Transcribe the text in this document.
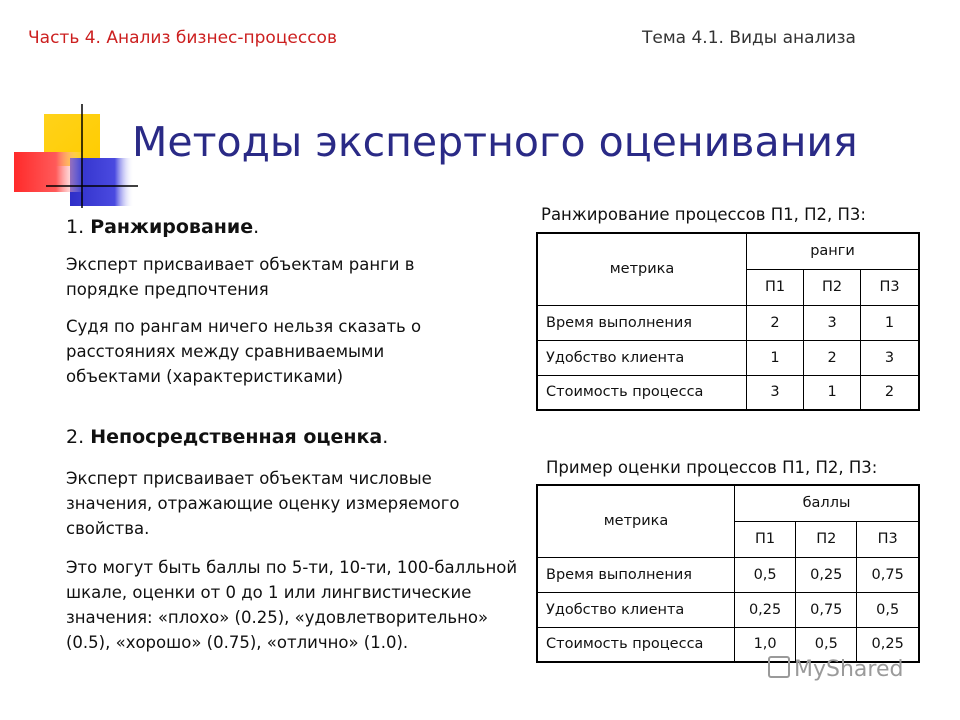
Часть 4. Анализ бизнес-процессов	Тема 4.1. Виды анализа
Методы экспертного оценивания
1. Ранжирование.
Эксперт присваивает объектам ранги в порядке предпочтения
Судя по рангам ничего нельзя сказать о расстояниях между сравниваемыми объектами (характеристиками)
2. Непосредственная оценка.
Эксперт присваивает объектам числовые значения, отражающие оценку измеряемого свойства.
Это могут быть баллы по 5-ти, 10-ти, 100-балльной шкале, оценки от 0 до 1 или лингвистические значения: «плохо» (0.25), «удовлетворительно» (0.5), «хорошо» (0.75), «отлично» (1.0).
Ранжирование процессов П1, П2, П3:
метрика	ранги		
	П1	П2	П3
Время выполнения	2	3	1
Удобство клиента	1	2	3
Стоимость процесса	3	1	2
Пример оценки процессов П1, П2, П3:
метрика	баллы		
	П1	П2	П3
Время выполнения	0,5	0,25	0,75
Удобство клиента	0,25	0,75	0,5
Стоимость процесса	1,0	0,5	0,25
MyShared
